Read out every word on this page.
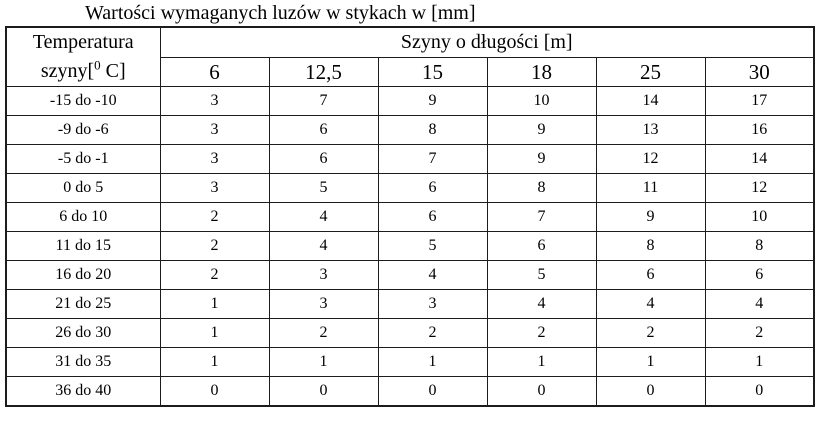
Wartości wymaganych luzów w stykach w [mm]
Temperatura
szyny[$^0$ C]	Szyny o długości [m]					
	6	12,5	15	18	25	30
-15 do -10	3	7	9	10	14	17
-9 do -6	3	6	8	9	13	16
-5 do -1	3	6	7	9	12	14
0 do 5	3	5	6	8	11	12
6 do 10	2	4	6	7	9	10
11 do 15	2	4	5	6	8	8
16 do 20	2	3	4	5	6	6
21 do 25	1	3	3	4	4	4
26 do 30	1	2	2	2	2	2
31 do 35	1	1	1	1	1	1
36 do 40	0	0	0	0	0	0
